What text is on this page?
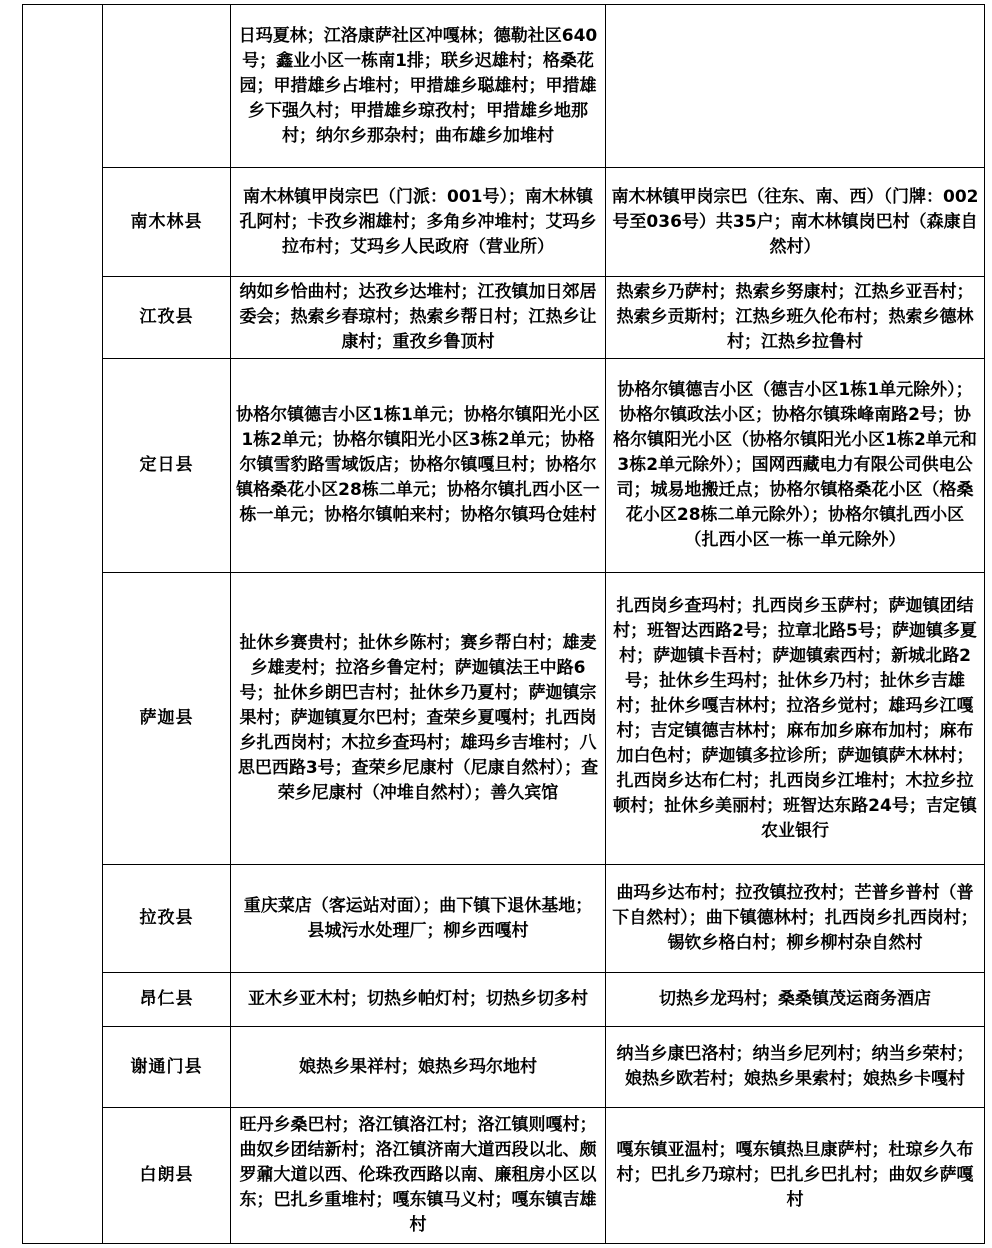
		日玛夏林；江洛康萨社区冲嘎林；德勒社区640号；鑫业小区一栋南1排；联乡迟雄村；格桑花园；甲措雄乡占堆村；甲措雄乡聪雄村；甲措雄乡下强久村；甲措雄乡琼孜村；甲措雄乡地那村；纳尔乡那杂村；曲布雄乡加堆村	
	南木林县	南木林镇甲岗宗巴（门派：001号）；南木林镇孔阿村；卡孜乡湘雄村；多角乡冲堆村；艾玛乡拉布村；艾玛乡人民政府（营业所）	南木林镇甲岗宗巴（往东、南、西）（门牌：002号至036号）共35户；南木林镇岗巴村（森康自然村）
	江孜县	纳如乡恰曲村；达孜乡达堆村；江孜镇加日郊居委会；热索乡春琼村；热索乡帮日村；江热乡让康村；重孜乡鲁顶村	热索乡乃萨村；热索乡努康村；江热乡亚吾村；热索乡贡斯村；江热乡班久伦布村；热索乡德林村；江热乡拉鲁村
	定日县	协格尔镇德吉小区1栋1单元；协格尔镇阳光小区1栋2单元；协格尔镇阳光小区3栋2单元；协格尔镇雪豹路雪域饭店；协格尔镇嘎旦村；协格尔镇格桑花小区28栋二单元；协格尔镇扎西小区一栋一单元；协格尔镇帕来村；协格尔镇玛仓娃村	协格尔镇德吉小区（德吉小区1栋1单元除外）；协格尔镇政法小区；协格尔镇珠峰南路2号；协格尔镇阳光小区（协格尔镇阳光小区1栋2单元和3栋2单元除外）；国网西藏电力有限公司供电公司；城易地搬迁点；协格尔镇格桑花小区（格桑花小区28栋二单元除外）；协格尔镇扎西小区（扎西小区一栋一单元除外）
	萨迦县	扯休乡赛贵村；扯休乡陈村；赛乡帮白村；雄麦乡雄麦村；拉洛乡鲁定村；萨迦镇法王中路6号；扯休乡朗巴吉村；扯休乡乃夏村；萨迦镇宗果村；萨迦镇夏尔巴村；查荣乡夏嘎村；扎西岗乡扎西岗村；木拉乡查玛村；雄玛乡吉堆村；八思巴西路3号；查荣乡尼康村（尼康自然村）；查荣乡尼康村（冲堆自然村）；善久宾馆	扎西岗乡查玛村；扎西岗乡玉萨村；萨迦镇团结村；班智达西路2号；拉章北路5号；萨迦镇多夏村；萨迦镇卡吾村；萨迦镇索西村；新城北路2号；扯休乡生玛村；扯休乡乃村；扯休乡吉雄村；扯休乡嘎吉林村；拉洛乡觉村；雄玛乡江嘎村；吉定镇德吉林村；麻布加乡麻布加村；麻布加白色村；萨迦镇多拉诊所；萨迦镇萨木林村；扎西岗乡达布仁村；扎西岗乡江堆村；木拉乡拉顿村；扯休乡美丽村；班智达东路24号；吉定镇农业银行
	拉孜县	重庆菜店（客运站对面）；曲下镇下退休基地；县城污水处理厂；柳乡西嘎村	曲玛乡达布村；拉孜镇拉孜村；芒普乡普村（普下自然村）；曲下镇德林村；扎西岗乡扎西岗村；锡钦乡格白村；柳乡柳村杂自然村
	昂仁县	亚木乡亚木村；切热乡帕灯村；切热乡切多村	切热乡龙玛村；桑桑镇茂运商务酒店
	谢通门县	娘热乡果祥村；娘热乡玛尔地村	纳当乡康巴洛村；纳当乡尼列村；纳当乡荣村；娘热乡欧若村；娘热乡果索村；娘热乡卡嘎村
	白朗县	旺丹乡桑巴村；洛江镇洛江村；洛江镇则嘎村；曲奴乡团结新村；洛江镇济南大道西段以北、颇罗鼐大道以西、伦珠孜西路以南、廉租房小区以东；巴扎乡重堆村；嘎东镇马义村；嘎东镇吉雄村	嘎东镇亚温村；嘎东镇热旦康萨村；杜琼乡久布村；巴扎乡乃琼村；巴扎乡巴扎村；曲奴乡萨嘎村
